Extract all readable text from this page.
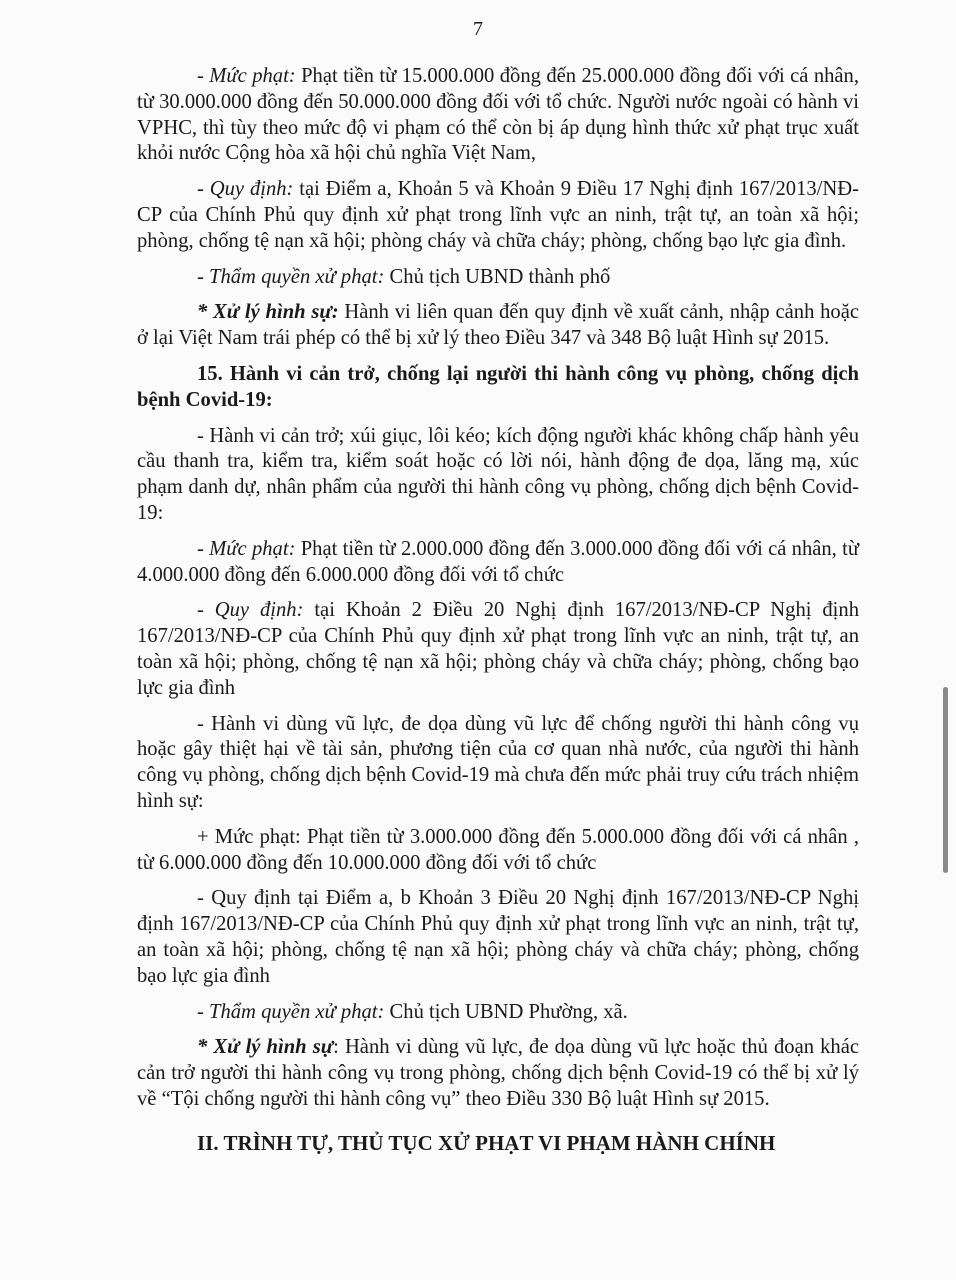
7

- Mức phạt: Phạt tiền từ 15.000.000 đồng đến 25.000.000 đồng đối với cá nhân, từ 30.000.000 đồng đến 50.000.000 đồng đối với tổ chức. Người nước ngoài có hành vi VPHC, thì tùy theo mức độ vi phạm có thể còn bị áp dụng hình thức xử phạt trục xuất khỏi nước Cộng hòa xã hội chủ nghĩa Việt Nam,

- Quy định: tại Điểm a, Khoản 5 và Khoản 9 Điều 17 Nghị định 167/2013/NĐ-CP của Chính Phủ quy định xử phạt trong lĩnh vực an ninh, trật tự, an toàn xã hội; phòng, chống tệ nạn xã hội; phòng cháy và chữa cháy; phòng, chống bạo lực gia đình.

- Thẩm quyền xử phạt: Chủ tịch UBND thành phố

* Xử lý hình sự: Hành vi liên quan đến quy định về xuất cảnh, nhập cảnh hoặc ở lại Việt Nam trái phép có thể bị xử lý theo Điều 347 và 348 Bộ luật Hình sự 2015.

15. Hành vi cản trở, chống lại người thi hành công vụ phòng, chống dịch bệnh Covid-19:

- Hành vi cản trở; xúi giục, lôi kéo; kích động người khác không chấp hành yêu cầu thanh tra, kiểm tra, kiểm soát hoặc có lời nói, hành động đe dọa, lăng mạ, xúc phạm danh dự, nhân phẩm của người thi hành công vụ phòng, chống dịch bệnh Covid-19:

- Mức phạt: Phạt tiền từ 2.000.000 đồng đến 3.000.000 đồng đối với cá nhân, từ 4.000.000 đồng đến 6.000.000 đồng đối với tổ chức

- Quy định: tại Khoản 2 Điều 20 Nghị định 167/2013/NĐ-CP Nghị định 167/2013/NĐ-CP của Chính Phủ quy định xử phạt trong lĩnh vực an ninh, trật tự, an toàn xã hội; phòng, chống tệ nạn xã hội; phòng cháy và chữa cháy; phòng, chống bạo lực gia đình

- Hành vi dùng vũ lực, đe dọa dùng vũ lực để chống người thi hành công vụ hoặc gây thiệt hại về tài sản, phương tiện của cơ quan nhà nước, của người thi hành công vụ phòng, chống dịch bệnh Covid-19 mà chưa đến mức phải truy cứu trách nhiệm hình sự:

+ Mức phạt: Phạt tiền từ 3.000.000 đồng đến 5.000.000 đồng đối với cá nhân , từ 6.000.000 đồng đến 10.000.000 đồng đối với tổ chức

- Quy định tại Điểm a, b Khoản 3 Điều 20 Nghị định 167/2013/NĐ-CP Nghị định 167/2013/NĐ-CP của Chính Phủ quy định xử phạt trong lĩnh vực an ninh, trật tự, an toàn xã hội; phòng, chống tệ nạn xã hội; phòng cháy và chữa cháy; phòng, chống bạo lực gia đình

- Thẩm quyền xử phạt: Chủ tịch UBND Phường, xã.

* Xử lý hình sự: Hành vi dùng vũ lực, đe dọa dùng vũ lực hoặc thủ đoạn khác cản trở người thi hành công vụ trong phòng, chống dịch bệnh Covid-19 có thể bị xử lý về “Tội chống người thi hành công vụ” theo Điều 330 Bộ luật Hình sự 2015.

II. TRÌNH TỰ, THỦ TỤC XỬ PHẠT VI PHẠM HÀNH CHÍNH
